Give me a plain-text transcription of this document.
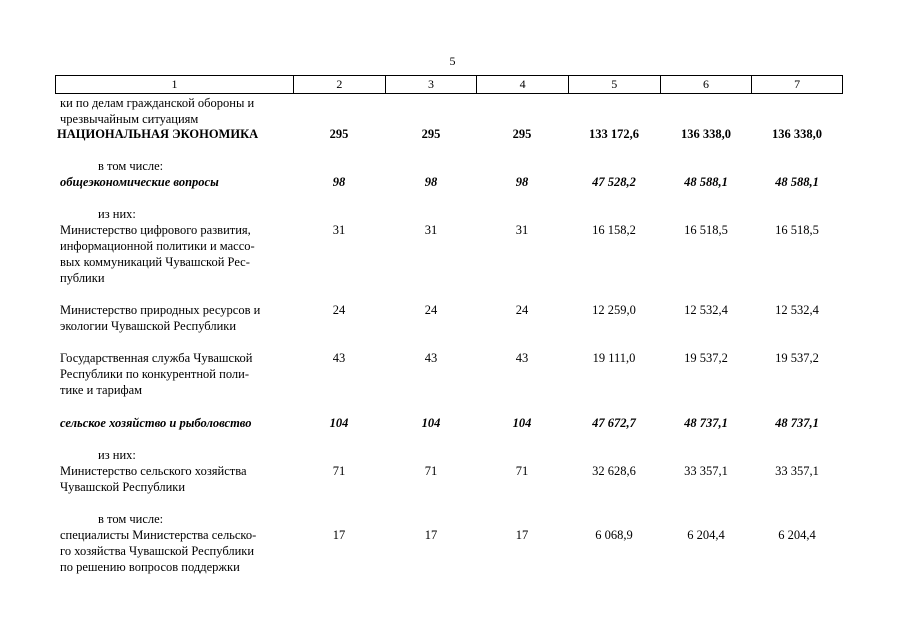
5
1	2	3	4	5	6	7
ки по делам гражданской обороны и
чрезвычайным ситуациям
НАЦИОНАЛЬНАЯ ЭКОНОМИКА	295	295	295	133 172,6	136 338,0	136 338,0
в том числе:
общеэкономические вопросы	98	98	98	47 528,2	48 588,1	48 588,1
из них:
Министерство цифрового развития,
информационной политики и массо-
вых коммуникаций Чувашской Рес-
публики
31	31	31	16 158,2	16 518,5	16 518,5
Министерство природных ресурсов и
экологии Чувашской Республики
24	24	24	12 259,0	12 532,4	12 532,4
Государственная служба Чувашской
Республики по конкурентной поли-
тике и тарифам
43	43	43	19 111,0	19 537,2	19 537,2
сельское хозяйство и рыболовство	104	104	104	47 672,7	48 737,1	48 737,1
из них:
Министерство сельского хозяйства
Чувашской Республики
71	71	71	32 628,6	33 357,1	33 357,1
в том числе:
специалисты Министерства сельско-
го хозяйства Чувашской Республики
по решению вопросов поддержки
17	17	17	6 068,9	6 204,4	6 204,4
